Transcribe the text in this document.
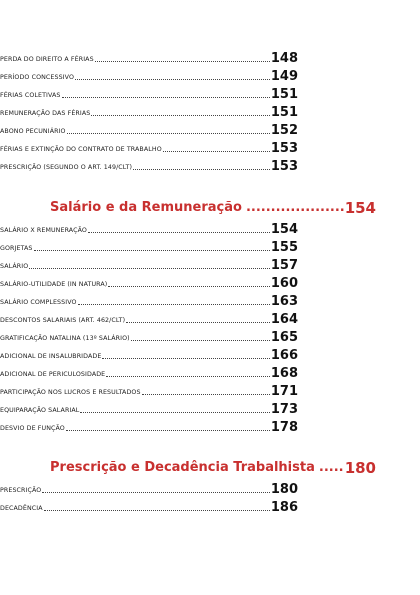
PERDA DO DIREITO A FÉRIAS	148
PERÍODO CONCESSIVO	149
FÉRIAS COLETIVAS	151
REMUNERAÇÃO DAS FÉRIAS	151
ABONO PECUNIÁRIO	152
FÉRIAS E EXTINÇÃO DO CONTRATO DE TRABALHO	153
PRESCRIÇÃO (SEGUNDO O ART. 149/CLT)	153
Salário e da Remuneração .....	154
SALÁRIO X REMUNERAÇÃO	154
GORJETAS	155
SALÁRIO	157
SALÁRIO-UTILIDADE (IN NATURA)	160
SALÁRIO COMPLESSIVO	163
DESCONTOS SALARIAIS (ART. 462/CLT)	164
GRATIFICAÇÃO NATALINA (13º SALÁRIO)	165
ADICIONAL DE INSALUBRIDADE	166
ADICIONAL DE PERICULOSIDADE	168
PARTICIPAÇÃO NOS LUCROS E RESULTADOS	171
EQUIPARAÇÃO SALARIAL	173
DESVIO DE FUNÇÃO	178
Prescrição e Decadência Trabalhista ..... 180
PRESCRIÇÃO	180
DECADÊNCIA	186
